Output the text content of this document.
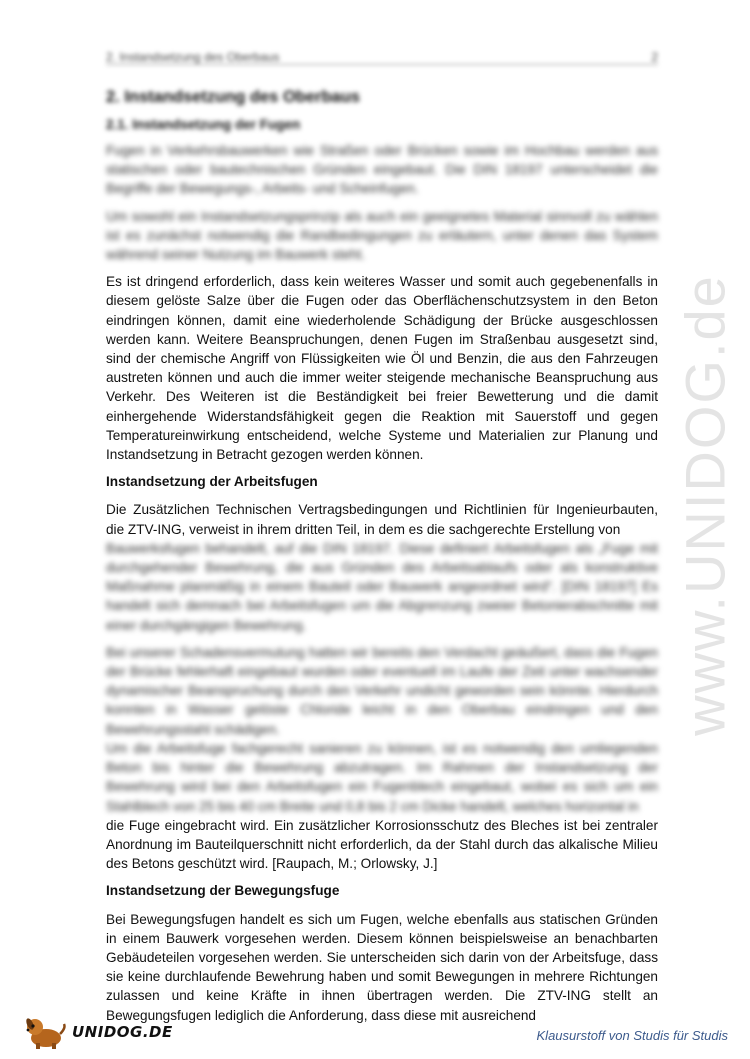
2. Instandsetzung des Oberbaus	2
2. Instandsetzung des Oberbaus
2.1. Instandsetzung der Fugen
Fugen in Verkehrsbauwerken wie Straßen oder Brücken sowie im Hochbau werden aus statischen oder bautechnischen Gründen eingebaut. Die DIN 18197 unterscheidet die Begriffe der Bewegungs-, Arbeits- und Scheinfugen.
Um sowohl ein Instandsetzungsprinzip als auch ein geeignetes Material sinnvoll zu wählen ist es zunächst notwendig die Randbedingungen zu erläutern, unter denen das System während seiner Nutzung im Bauwerk steht.
Es ist dringend erforderlich, dass kein weiteres Wasser und somit auch gegebenenfalls in diesem gelöste Salze über die Fugen oder das Oberflächenschutzsystem in den Beton eindringen können, damit eine wiederholende Schädigung der Brücke ausgeschlossen werden kann. Weitere Beanspruchungen, denen Fugen im Straßenbau ausgesetzt sind, sind der chemische Angriff von Flüssigkeiten wie Öl und Benzin, die aus den Fahrzeugen austreten können und auch die immer weiter steigende mechanische Beanspruchung aus Verkehr. Des Weiteren ist die Beständigkeit bei freier Bewetterung und die damit einhergehende Widerstandsfähigkeit gegen die Reaktion mit Sauerstoff und gegen Temperatureinwirkung entscheidend, welche Systeme und Materialien zur Planung und Instandsetzung in Betracht gezogen werden können.
Instandsetzung der Arbeitsfugen
Die Zusätzlichen Technischen Vertragsbedingungen und Richtlinien für Ingenieurbauten, die ZTV-ING, verweist in ihrem dritten Teil, in dem es die sachgerechte Erstellung von
Bauwerksfugen behandelt, auf die DIN 18197. Diese definiert Arbeitsfugen als „Fuge mit durchgehender Bewehrung, die aus Gründen des Arbeitsablaufs oder als konstruktive Maßnahme planmäßig in einem Bauteil oder Bauwerk angeordnet wird“. [DIN 18197] Es handelt sich demnach bei Arbeitsfugen um die Abgrenzung zweier Betonierabschnitte mit einer durchgängigen Bewehrung.
Bei unserer Schadensvermutung hatten wir bereits den Verdacht geäußert, dass die Fugen der Brücke fehlerhaft eingebaut wurden oder eventuell im Laufe der Zeit unter wachsender dynamischer Beanspruchung durch den Verkehr undicht geworden sein könnte. Hierdurch konnten in Wasser gelöste Chloride leicht in den Oberbau eindringen und den Bewehrungsstahl schädigen.
Um die Arbeitsfuge fachgerecht sanieren zu können, ist es notwendig den umliegenden Beton bis hinter die Bewehrung abzutragen. Im Rahmen der Instandsetzung der Bewehrung wird bei den Arbeitsfugen ein Fugenblech eingebaut, wobei es sich um ein Stahlblech von 25 bis 40 cm Breite und 0,8 bis 2 cm Dicke handelt, welches horizontal in
die Fuge eingebracht wird. Ein zusätzlicher Korrosionsschutz des Bleches ist bei zentraler Anordnung im Bauteilquerschnitt nicht erforderlich, da der Stahl durch das alkalische Milieu des Betons geschützt wird. [Raupach, M.; Orlowsky, J.]
Instandsetzung der Bewegungsfuge
Bei Bewegungsfugen handelt es sich um Fugen, welche ebenfalls aus statischen Gründen in einem Bauwerk vorgesehen werden. Diesem können beispielsweise an benachbarten Gebäudeteilen vorgesehen werden. Sie unterscheiden sich darin von der Arbeitsfuge, dass sie keine durchlaufende Bewehrung haben und somit Bewegungen in mehrere Richtungen zulassen und keine Kräfte in ihnen übertragen werden. Die ZTV-ING stellt an Bewegungsfugen lediglich die Anforderung, dass diese mit ausreichend
www.UNIDOG.de
UNIDOG.DE	Klausurstoff von Studis für Studis
